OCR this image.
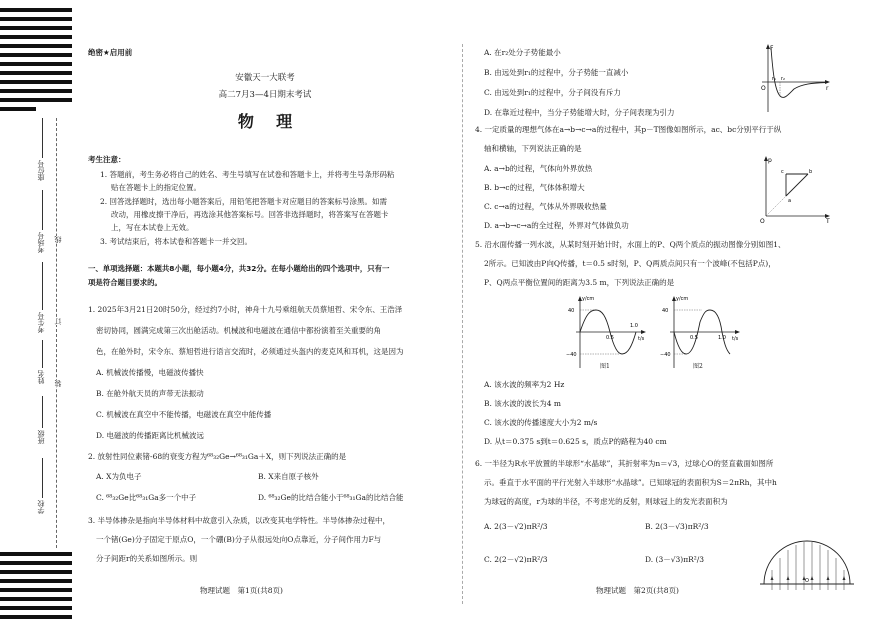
座位号
考场号
考生号
姓名
班级
学校
线
订
装
绝密★启用前
安徽天一大联考
高二7月3—4日期末考试
物    理
考生注意：
1. 答题前，考生务必将自己的姓名、考生号填写在试卷和答题卡上，并将考生号条形码粘
贴在答题卡上的指定位置。
2. 回答选择题时，选出每小题答案后，用铅笔把答题卡对应题目的答案标号涂黑。如需
改动，用橡皮擦干净后，再选涂其他答案标号。回答非选择题时，将答案写在答题卡
上，写在本试卷上无效。
3. 考试结束后，将本试卷和答题卡一并交回。
一、单项选择题：本题共8小题，每小题4分，共32分。在每小题给出的四个选项中，只有一
项是符合题目要求的。
1. 2025年3月21日20时50分，经过约7小时，神舟十九号乘组航天员蔡旭哲、宋令东、王浩泽
密切协同，圆满完成第三次出舱活动。机械波和电磁波在通信中都扮演着至关重要的角
色，在舱外时，宋令东、蔡旭哲进行语言交流时，必须通过头盔内的麦克风和耳机，这是因为
A. 机械波传播慢，电磁波传播快
B. 在舱外航天员的声带无法振动
C. 机械波在真空中不能传播，电磁波在真空中能传播
D. 电磁波的传播距离比机械波远
2. 放射性同位素锗-68的衰变方程为⁶⁸₃₂Ge→⁶⁸₃₁Ga＋X，则下列说法正确的是
A. X为负电子	B. X来自原子核外
C. ⁶⁸₃₂Ge比⁶⁸₃₁Ga多一个中子	D. ⁶⁸₃₂Ge的比结合能小于⁶⁸₃₁Ga的比结合能
3. 半导体掺杂是指向半导体材料中故意引入杂质，以改变其电学特性。半导体掺杂过程中，
一个锗(Ge)分子固定于原点O，一个硼(B)分子从很远处向O点靠近，分子间作用力F与
分子间距r的关系如图所示。则
物理试题　第1页(共8页)
A. 在r₂处分子势能最小
B. 由远处到r₁的过程中，分子势能一直减小
C. 由远处到r₁的过程中，分子间没有斥力
D. 在靠近过程中，当分子势能增大时，分子间表现为引力
F
r
O
r₁ r₂
4. 一定质量的理想气体在a→b→c→a的过程中，其p－T图像如图所示，ac、bc分别平行于纵
轴和横轴，下列说法正确的是
A. a→b的过程，气体向外界放热
B. b→c的过程，气体体积增大
C. c→a的过程，气体从外界吸收热量
D. a→b→c→a的全过程，外界对气体做负功
p
T
O
a
b
c
5. 沿水面传播一列水波，从某时刻开始计时，水面上的P、Q两个质点的振动图像分别如图1、
2所示。已知波由P向Q传播，t＝0.5 s时刻，P、Q两质点间只有一个波峰(不包括P点)，
P、Q两点平衡位置间的距离为3.5 m，下列说法正确的是
y/cm
40
−40
0.5
1.0
t/s
图1
y/cm
40
−40
0.5	1.0 t/s
图2
A. 该水波的频率为2 Hz
B. 该水波的波长为4 m
C. 该水波的传播速度大小为2 m/s
D. 从t＝0.375 s到t＝0.625 s，质点P的路程为40 cm
6. 一半径为R水平放置的半球形“水晶球”，其折射率为n＝√3，过球心O的竖直截面如图所
示。垂直于水平面的平行光射入半球形“水晶球”。已知球冠的表面积为S＝2πRh，其中h
为球冠的高度，r为球的半径，不考虑光的反射，则球冠上的发光表面积为
A. 2(3－√2)πR²/3	B. 2(3－√3)πR²/3
C. 2(2－√2)πR²/3	D. (3－√3)πR²/3
O
物理试题　第2页(共8页)
